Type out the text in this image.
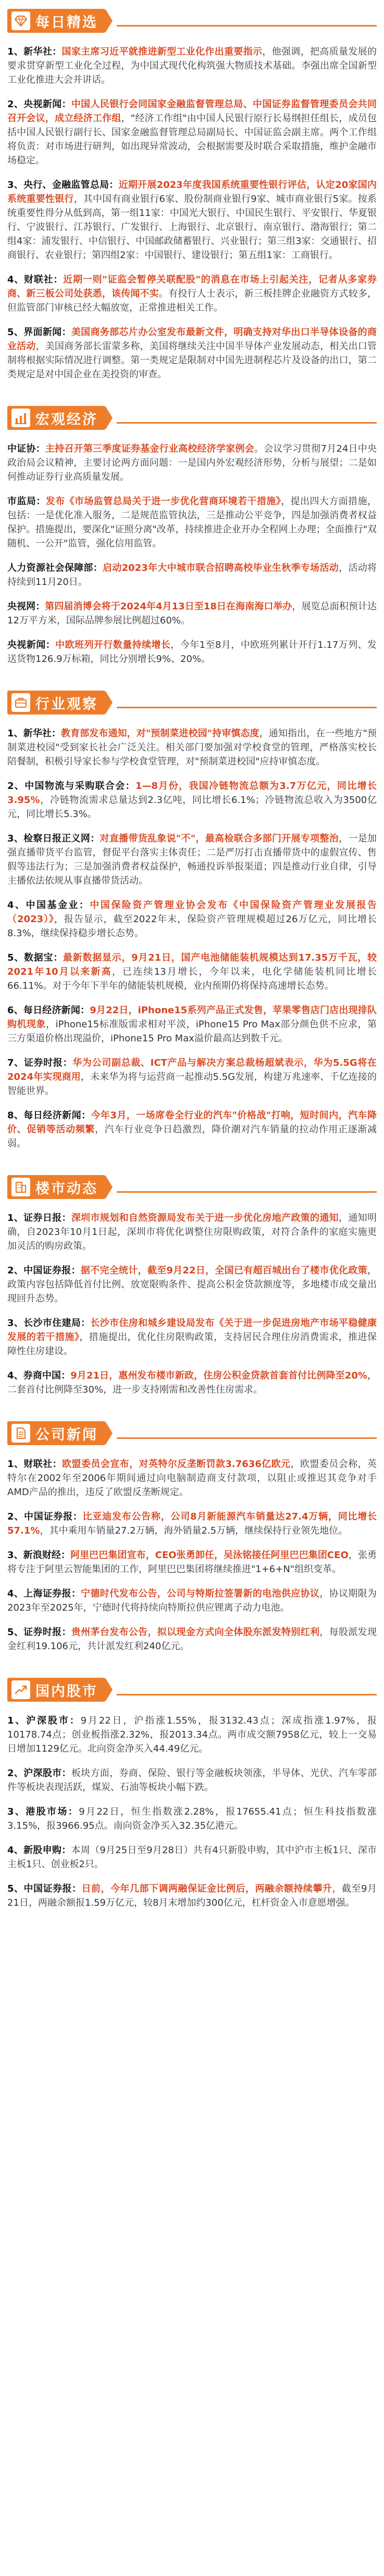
每日精选

1、新华社：国家主席习近平就推进新型工业化作出重要指示，他强调，把高质量发展的要求贯穿新型工业化全过程，为中国式现代化构筑强大物质技术基础。李强出席全国新型工业化推进大会并讲话。

2、央视新闻：中国人民银行会同国家金融监督管理总局、中国证券监督管理委员会共同召开会议，成立经济工作组，"经济工作组"由中国人民银行原行长易纲担任组长，成员包括中国人民银行副行长、国家金融监督管理总局副局长、中国证监会副主席。两个工作组将负责：对市场进行研判，如出现异常波动，会根据需要及时联合采取措施，维护金融市场稳定。

3、央行、金融监管总局：近期开展2023年度我国系统重要性银行评估，认定20家国内系统重要性银行，其中国有商业银行6家、股份制商业银行9家、城市商业银行5家。按系统重要性得分从低到高，第一组11家：中国光大银行、中国民生银行、平安银行、华夏银行、宁波银行、江苏银行、广发银行、上海银行、北京银行、南京银行、渤海银行；第二组4家：浦发银行、中信银行、中国邮政储蓄银行、兴业银行；第三组3家：交通银行、招商银行、农业银行；第四组2家：中国银行、建设银行；第五组1家：工商银行。

4、财联社：近期一则"证监会暂停关联配股"的消息在市场上引起关注，记者从多家券商、新三板公司处获悉，该传闻不实。有投行人士表示，新三板挂牌企业融资方式较多，但监管部门审核已经大幅放宽，正常推进相关工作。

5、界面新闻：美国商务部芯片办公室发布最新文件，明确支持对华出口半导体设备的商业活动，美国商务部长雷蒙多称，美国将继续关注中国半导体产业发展动态，相关出口管制将根据实际情况进行调整。第一类规定是限制对中国先进制程芯片及设备的出口，第二类规定是对中国企业在美投资的审查。

宏观经济

中证协：主持召开第三季度证券基金行业高校经济学家例会。会议学习贯彻7月24日中央政治局会议精神，主要讨论两方面问题：一是国内外宏观经济形势，分析与展望；二是如何推动证券行业高质量发展。

市监局：发布《市场监管总局关于进一步优化营商环境若干措施》，提出四大方面措施，包括：一是优化准入服务，二是规范监管执法，三是推动公平竞争，四是加强消费者权益保护。措施提出，要深化"证照分离"改革，持续推进企业开办全程网上办理；全面推行"双随机、一公开"监管，强化信用监管。

人力资源社会保障部：启动2023年大中城市联合招聘高校毕业生秋季专场活动，活动将持续到11月20日。

央视网：第四届消博会将于2024年4月13日至18日在海南海口举办，展览总面积预计达12万平方米，国际品牌参展比例超过60%。

央视新闻：中欧班列开行数量持续增长，今年1至8月，中欧班列累计开行1.17万列、发送货物126.9万标箱，同比分别增长9%、20%。

行业观察

1、新华社：教育部发布通知，对"预制菜进校园"持审慎态度，通知指出，在一些地方"预制菜进校园"受到家长社会广泛关注。相关部门要加强对学校食堂的管理，严格落实校长陪餐制，积极引导家长参与学校食堂管理，对"预制菜进校园"应持审慎态度。

2、中国物流与采购联合会：1—8月份，我国冷链物流总额为3.7万亿元，同比增长3.95%，冷链物流需求总量达到2.3亿吨，同比增长6.1%；冷链物流总收入为3500亿元，同比增长5.3%。

3、检察日报正义网：对直播带货乱象说"不"，最高检联合多部门开展专项整治，一是加强直播带货平台监管，督促平台落实主体责任；二是严厉打击直播带货中的虚假宣传、售假等违法行为；三是加强消费者权益保护，畅通投诉举报渠道；四是推动行业自律，引导主播依法依规从事直播带货活动。

4、中国基金业：中国保险资产管理业协会发布《中国保险资产管理业发展报告（2023）》，报告显示，截至2022年末，保险资产管理规模超过26万亿元，同比增长8.3%，继续保持稳步增长态势。

5、数据宝：最新数据显示，9月21日，国产电池储能装机规模达到17.35万千瓦，较2021年10月以来新高，已连续13月增长，今年以来，电化学储能装机同比增长66.11%。对于今年下半年的储能装机规模，业内预期仍将保持高速增长态势。

6、每日经济新闻：9月22日，iPhone15系列产品正式发售，苹果零售店门店出现排队购机现象，iPhone15标准版需求相对平淡，iPhone15 Pro Max部分颜色供不应求，第三方渠道价格出现溢价，iPhone15 Pro Max溢价最高达到数千元。

7、证券时报：华为公司副总裁、ICT产品与解决方案总裁杨超斌表示，华为5.5G将在2024年实现商用，未来华为将与运营商一起推动5.5G发展，构建万兆速率、千亿连接的智能世界。

8、每日经济新闻：今年3月，一场席卷全行业的汽车"价格战"打响，短时间内，汽车降价、促销等活动频繁，汽车行业竞争日趋激烈，降价潮对汽车销量的拉动作用正逐渐减弱。

楼市动态

1、证券日报：深圳市规划和自然资源局发布关于进一步优化房地产政策的通知，通知明确，自2023年10月1日起，深圳市将优化调整住房限购政策，对符合条件的家庭实施更加灵活的购房政策。

2、中国证券报：据不完全统计，截至9月22日，全国已有超百城出台了楼市优化政策，政策内容包括降低首付比例、放宽限购条件、提高公积金贷款额度等，多地楼市成交量出现回升态势。

3、长沙市住建局：长沙市住房和城乡建设局发布《关于进一步促进房地产市场平稳健康发展的若干措施》，措施提出，优化住房限购政策，支持居民合理住房消费需求，推进保障性住房建设。

4、券商中国：9月21日，惠州发布楼市新政，住房公积金贷款首套首付比例降至20%，二套首付比例降至30%，进一步支持刚需和改善性住房需求。

公司新闻

1、财联社：欧盟委员会宣布，对英特尔反垄断罚款3.7636亿欧元，欧盟委员会称，英特尔在2002年至2006年期间通过向电脑制造商支付款项，以阻止或推迟其竞争对手AMD产品的推出，违反了欧盟反垄断规定。

2、中国证券报：比亚迪发布公告称，公司8月新能源汽车销量达27.4万辆，同比增长57.1%，其中乘用车销量27.2万辆，海外销量2.5万辆，继续保持行业领先地位。

3、新浪财经：阿里巴巴集团宣布，CEO张勇卸任，吴泳铭接任阿里巴巴集团CEO，张勇将专注于阿里云智能集团的工作，阿里巴巴集团将继续推进"1+6+N"组织变革。

4、上海证券报：宁德时代发布公告，公司与特斯拉签署新的电池供应协议，协议期限为2023年至2025年，宁德时代将持续向特斯拉供应锂离子动力电池。

5、证券时报：贵州茅台发布公告，拟以现金方式向全体股东派发特别红利，每股派发现金红利19.106元，共计派发红利240亿元。

国内股市

1、沪深股市：9月22日，沪指涨1.55%，报3132.43点；深成指涨1.97%，报10178.74点；创业板指涨2.32%，报2013.34点。两市成交额7958亿元，较上一交易日增加1129亿元。北向资金净买入44.49亿元。

2、沪深股市：板块方面，券商、保险、银行等金融板块领涨，半导体、光伏、汽车零部件等板块表现活跃，煤炭、石油等板块小幅下跌。

3、港股市场：9月22日，恒生指数涨2.28%，报17655.41点；恒生科技指数涨3.15%，报3966.95点。南向资金净买入32.35亿港元。

4、新股申购：本周（9月25日至9月28日）共有4只新股申购，其中沪市主板1只、深市主板1只、创业板2只。

5、中国证券报：日前，今年几部下调两融保证金比例后，两融余额持续攀升，截至9月21日，两融余额报1.59万亿元，较8月末增加约300亿元，杠杆资金入市意愿增强。
